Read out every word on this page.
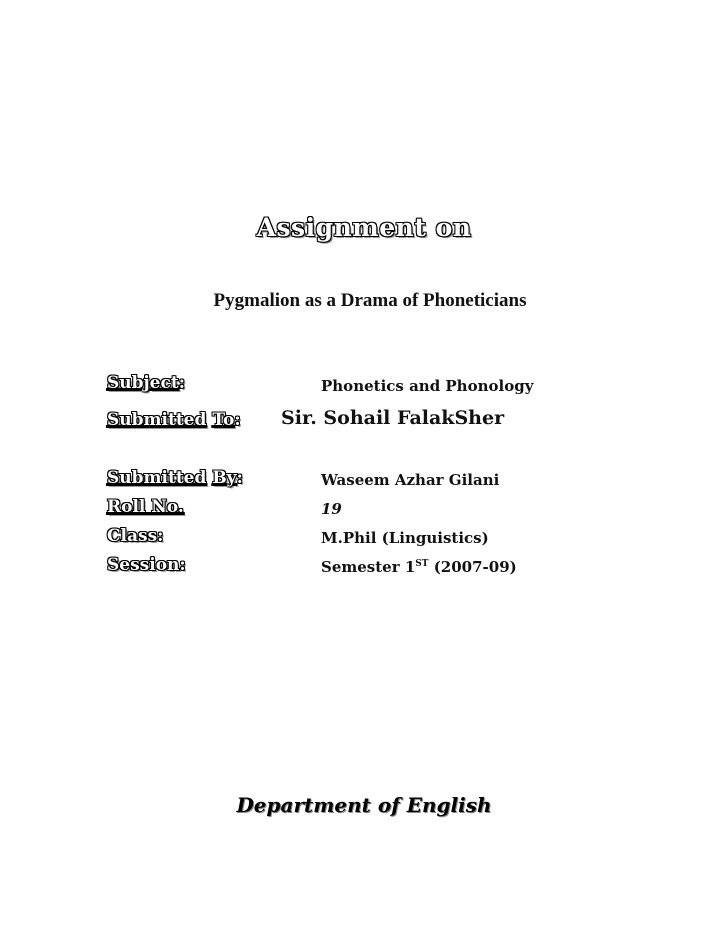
Assignment on
Pygmalion as a Drama of Phoneticians
Subject:	Phonetics and Phonology
Submitted To: Sir. Sohail FalakSher
Submitted By:	Waseem Azhar Gilani
Roll No.	19
Class:	M.Phil (Linguistics)
Session:	Semester 1ST (2007-09)
Department of English
